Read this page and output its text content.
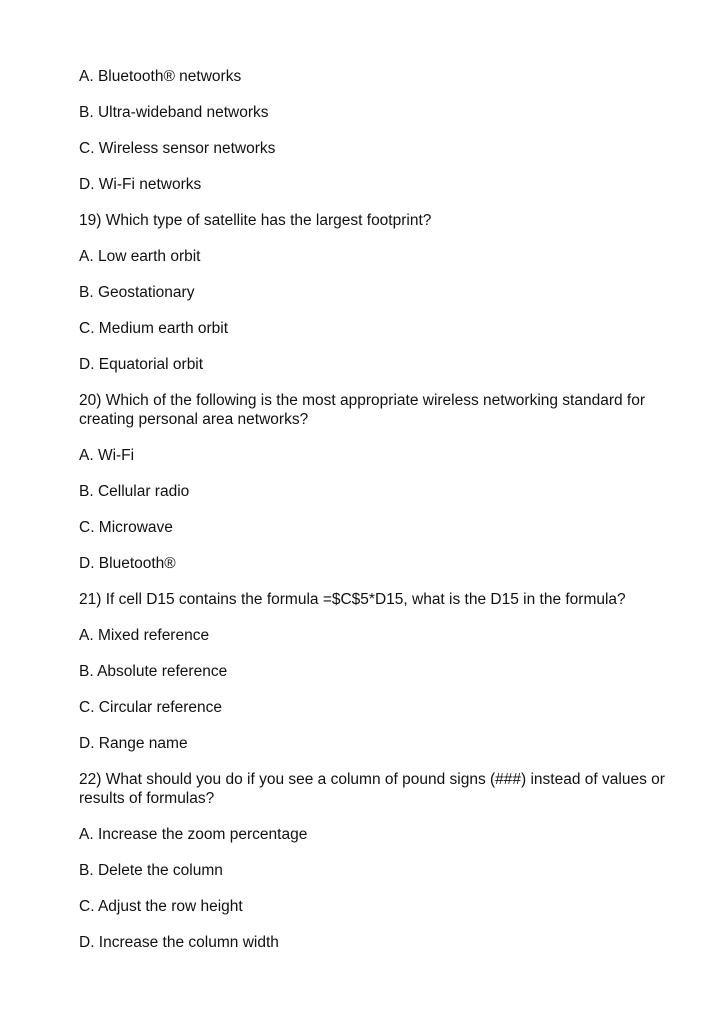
A. Bluetooth® networks
B. Ultra-wideband networks
C. Wireless sensor networks
D. Wi-Fi networks
19) Which type of satellite has the largest footprint?
A. Low earth orbit
B. Geostationary
C. Medium earth orbit
D. Equatorial orbit
20) Which of the following is the most appropriate wireless networking standard for creating personal area networks?
A. Wi-Fi
B. Cellular radio
C. Microwave
D. Bluetooth®
21) If cell D15 contains the formula =$C$5*D15, what is the D15 in the formula?
A. Mixed reference
B. Absolute reference
C. Circular reference
D. Range name
22) What should you do if you see a column of pound signs (###) instead of values or results of formulas?
A. Increase the zoom percentage
B. Delete the column
C. Adjust the row height
D. Increase the column width
